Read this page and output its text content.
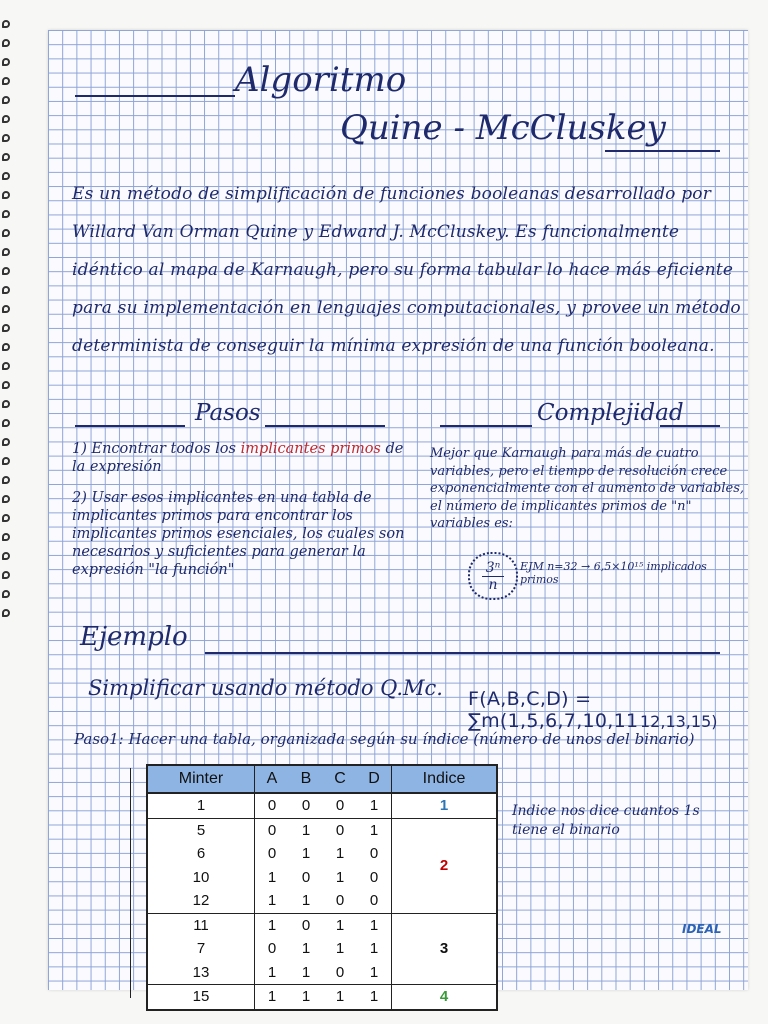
Algoritmo
Quine - McCluskey
Es un método de simplificación de funciones booleanas desarrollado por Willard Van Orman Quine y Edward J. McCluskey. Es funcionalmente idéntico al mapa de Karnaugh, pero su forma tabular lo hace más eficiente para su implementación en lenguajes computacionales, y provee un método determinista de conseguir la mínima expresión de una función booleana.
Pasos	Complejidad

1) Encontrar todos los implicantes primos de la expresión

2) Usar esos implicantes en una tabla de implicantes primos para encontrar los implicantes primos esenciales, los cuales son necesarios y suficientes para generar la expresión "la función"

Mejor que Karnaugh para más de cuatro variables, pero el tiempo de resolución crece exponencialmente con el aumento de variables, el número de implicantes primos de "n" variables es:
$\frac{\text{3ⁿ}}{n}$ EJM n=32 → 6,5×10¹⁵ implicados primos
Ejemplo
Simplificar usando método Q.Mc. F(A,B,C,D) = ∑m(1,5,6,7,10,11 12,13,15)
Paso1: Hacer una tabla, organizada según su índice (número de unos del binario)
Minter	A	B	C	D	Indice
1	0	0	0	1	1
5	0	1	0	1	2
6	0	1	1	0	
10	1	0	1	0	
12	1	1	0	0	
11	1	0	1	1	3
7	0	1	1	1	
13	1	1	0	1	
15	1	1	1	1	4
Indice nos dice cuantos 1s tiene el binario
IDEAL
